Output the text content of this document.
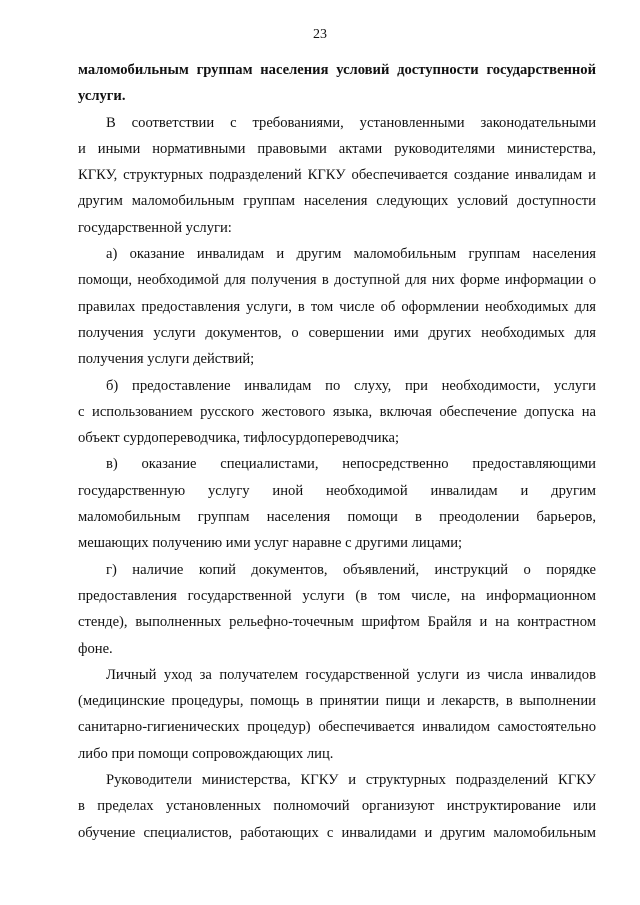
23
маломобильным группам населения условий доступности государственной
услуги.
В соответствии с требованиями, установленными законодательными
и иными нормативными правовыми актами руководителями министерства,
КГКУ, структурных подразделений КГКУ обеспечивается создание инвалидам и
другим маломобильным группам населения следующих условий доступности
государственной услуги:
а) оказание инвалидам и другим маломобильным группам населения
помощи, необходимой для получения в доступной для них форме информации о
правилах предоставления услуги, в том числе об оформлении необходимых для
получения услуги документов, о совершении ими других необходимых для
получения услуги действий;
б) предоставление инвалидам по слуху, при необходимости, услуги
с использованием русского жестового языка, включая обеспечение допуска на
объект сурдопереводчика, тифлосурдопереводчика;
в) оказание специалистами, непосредственно предоставляющими
государственную услугу иной необходимой инвалидам и другим
маломобильным группам населения помощи в преодолении барьеров,
мешающих получению ими услуг наравне с другими лицами;
г) наличие копий документов, объявлений, инструкций о порядке
предоставления государственной услуги (в том числе, на информационном
стенде), выполненных рельефно-точечным шрифтом Брайля и на контрастном
фоне.
Личный уход за получателем государственной услуги из числа инвалидов
(медицинские процедуры, помощь в принятии пищи и лекарств, в выполнении
санитарно-гигиенических процедур) обеспечивается инвалидом самостоятельно
либо при помощи сопровождающих лиц.
Руководители министерства, КГКУ и структурных подразделений КГКУ
в пределах установленных полномочий организуют инструктирование или
обучение специалистов, работающих с инвалидами и другим маломобильным
